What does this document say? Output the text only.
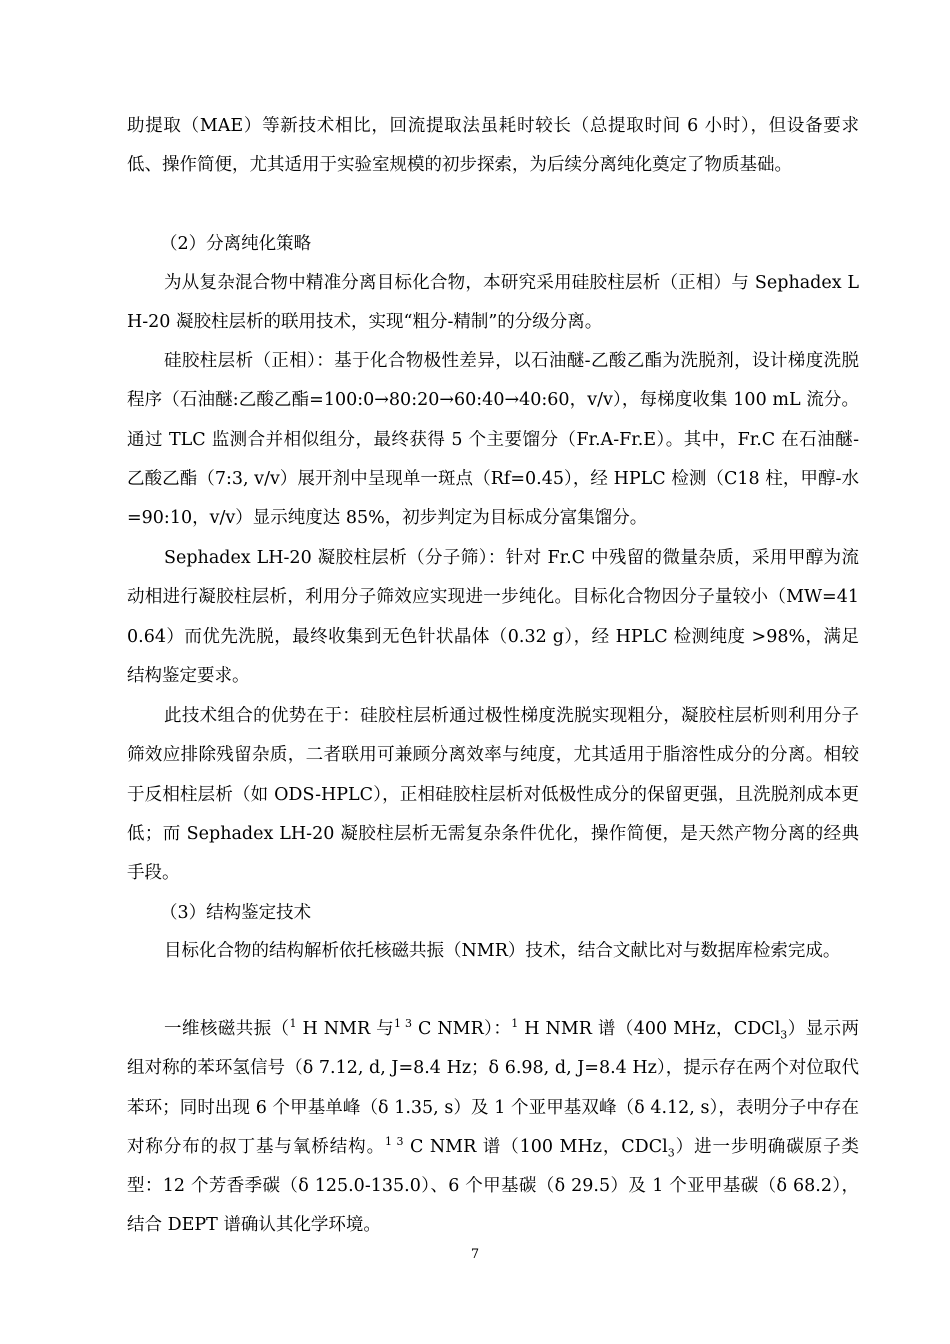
助提取（MAE）等新技术相比，回流提取法虽耗时较长（总提取时间 6 小时），但设备要求低、操作简便，尤其适用于实验室规模的初步探索，为后续分离纯化奠定了物质基础。

（2）分离纯化策略

为从复杂混合物中精准分离目标化合物，本研究采用硅胶柱层析（正相）与 Sephadex LH-20 凝胶柱层析的联用技术，实现“粗分-精制”的分级分离。

硅胶柱层析（正相）：基于化合物极性差异，以石油醚-乙酸乙酯为洗脱剂，设计梯度洗脱程序（石油醚:乙酸乙酯=100:0→80:20→60:40→40:60，v/v），每梯度收集 100 mL 流分。通过 TLC 监测合并相似组分，最终获得 5 个主要馏分（Fr.A-Fr.E）。其中，Fr.C 在石油醚-乙酸乙酯（7:3, v/v）展开剂中呈现单一斑点（Rf=0.45），经 HPLC 检测（C18 柱，甲醇-水=90:10，v/v）显示纯度达 85%，初步判定为目标成分富集馏分。

Sephadex LH-20 凝胶柱层析（分子筛）：针对 Fr.C 中残留的微量杂质，采用甲醇为流动相进行凝胶柱层析，利用分子筛效应实现进一步纯化。目标化合物因分子量较小（MW=410.64）而优先洗脱，最终收集到无色针状晶体（0.32 g），经 HPLC 检测纯度 >98%，满足结构鉴定要求。

此技术组合的优势在于：硅胶柱层析通过极性梯度洗脱实现粗分，凝胶柱层析则利用分子筛效应排除残留杂质，二者联用可兼顾分离效率与纯度，尤其适用于脂溶性成分的分离。相较于反相柱层析（如 ODS-HPLC），正相硅胶柱层析对低极性成分的保留更强，且洗脱剂成本更低；而 Sephadex LH-20 凝胶柱层析无需复杂条件优化，操作简便，是天然产物分离的经典手段。

（3）结构鉴定技术

目标化合物的结构解析依托核磁共振（NMR）技术，结合文献比对与数据库检索完成。

一维核磁共振（$^1$ H NMR 与$^{1 3}$ C NMR）：$^1$ H NMR 谱（400 MHz，CDCl$_3$）显示两组对称的苯环氢信号（δ 7.12, d, J=8.4 Hz；δ 6.98, d, J=8.4 Hz），提示存在两个对位取代苯环；同时出现 6 个甲基单峰（δ 1.35, s）及 1 个亚甲基双峰（δ 4.12, s），表明分子中存在对称分布的叔丁基与氧桥结构。$^{1 3}$ C NMR 谱（100 MHz，CDCl$_3$）进一步明确碳原子类型：12 个芳香季碳（δ 125.0-135.0）、6 个甲基碳（δ 29.5）及 1 个亚甲基碳（δ 68.2），结合 DEPT 谱确认其化学环境。

7
